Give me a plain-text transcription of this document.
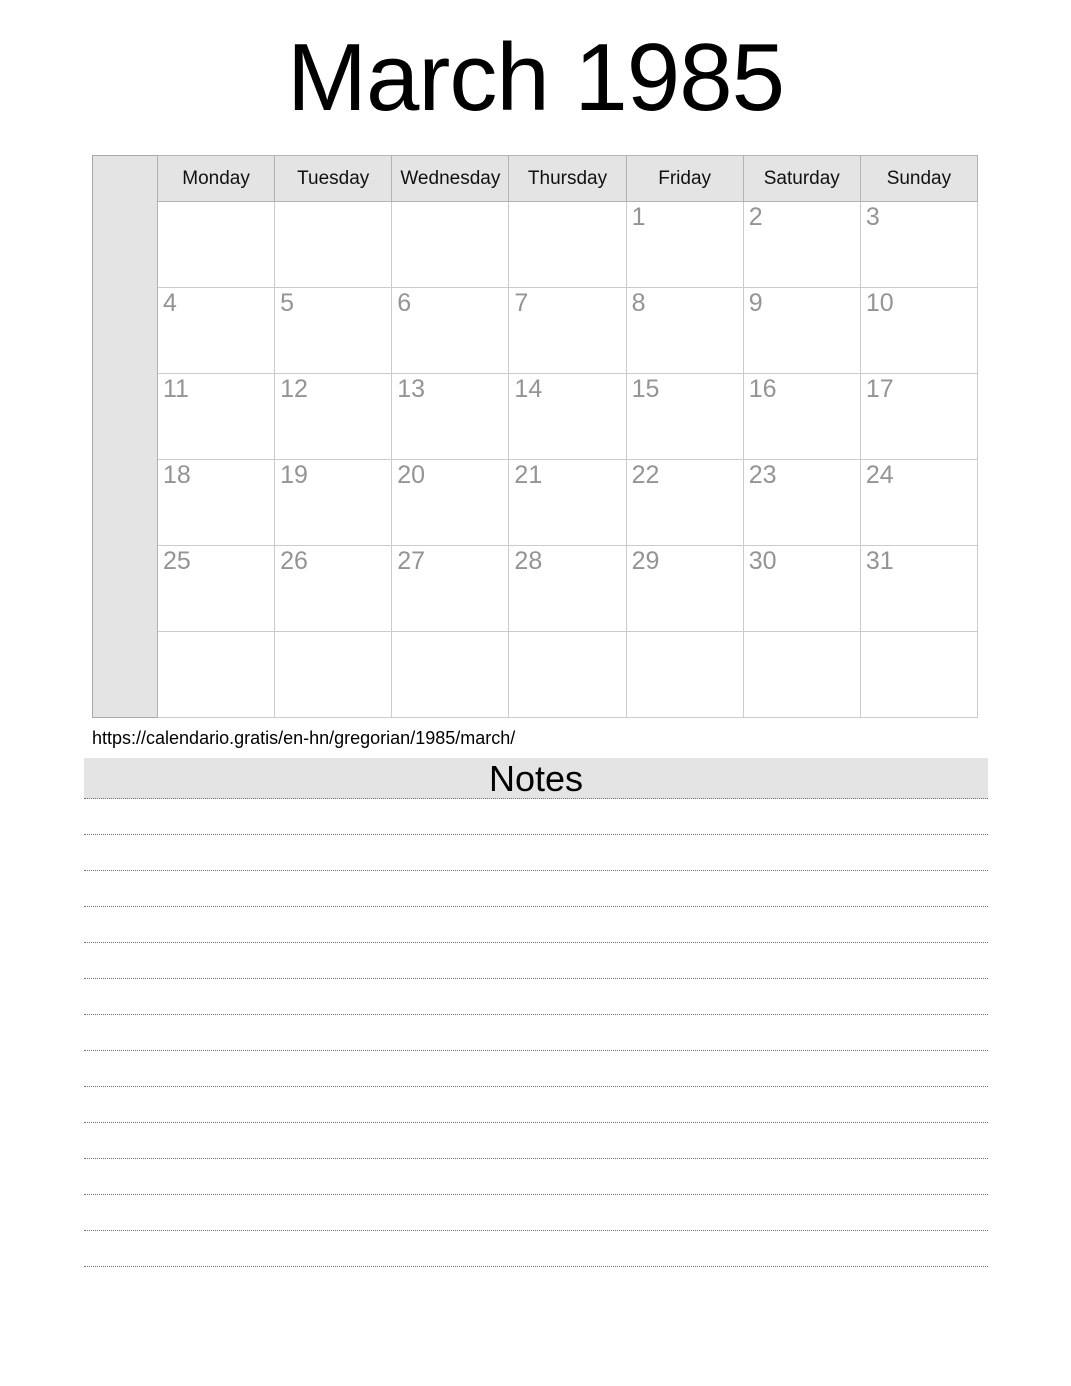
March 1985
	Monday	Tuesday	Wednesday	Thursday	Friday	Saturday	Sunday
					1	2	3
	4	5	6	7	8	9	10
	11	12	13	14	15	16	17
	18	19	20	21	22	23	24
	25	26	27	28	29	30	31

https://calendario.gratis/en-hn/gregorian/1985/march/
Notes
